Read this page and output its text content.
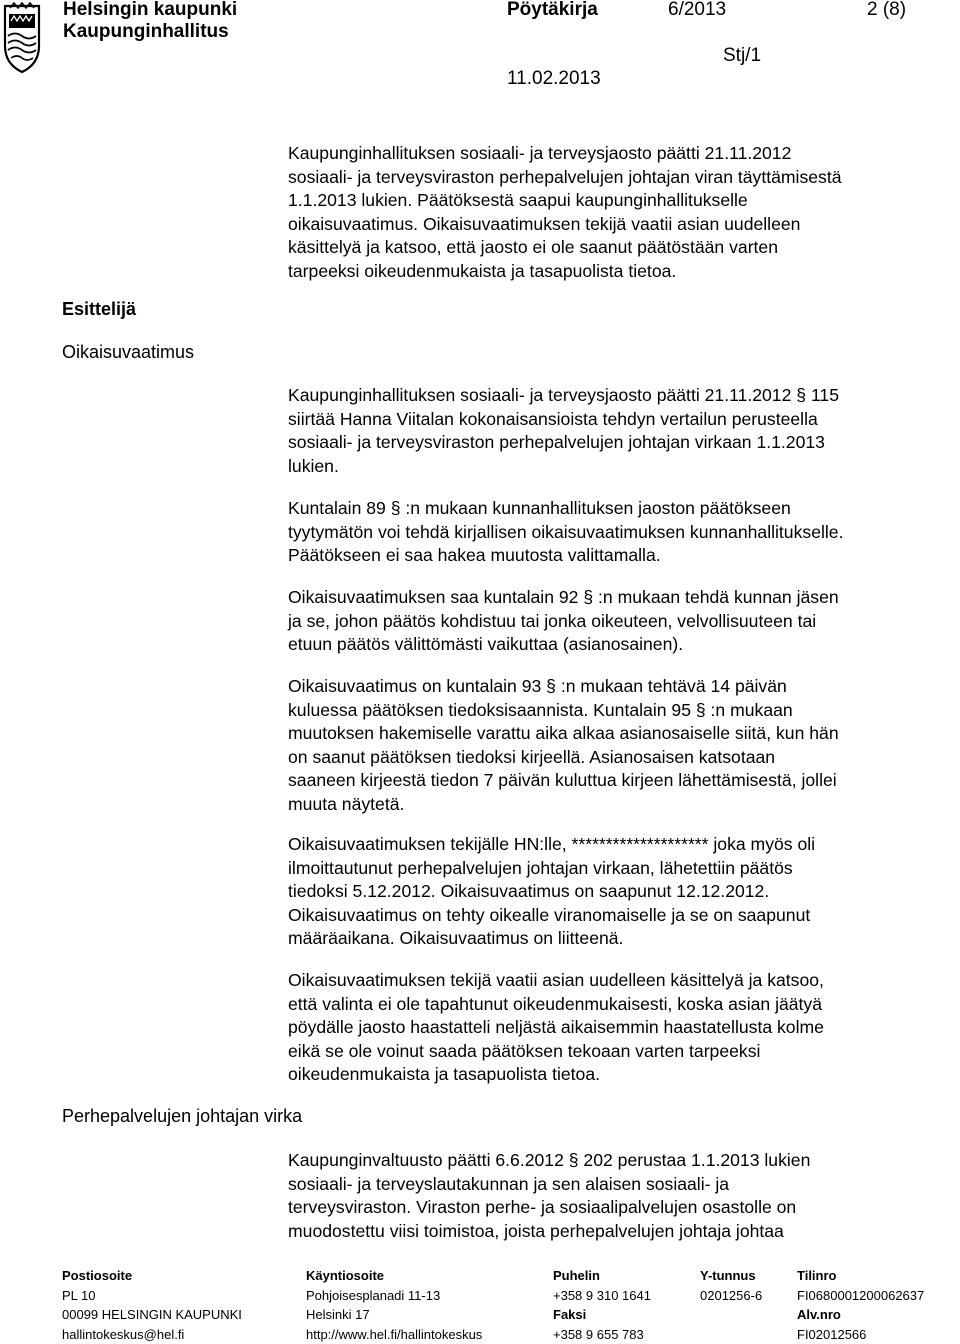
Helsingin kaupunki
Kaupunginhallitus
Pöytäkirja	6/2013	2 (8)
Stj/1
11.02.2013

Kaupunginhallituksen sosiaali- ja terveysjaosto päätti 21.11.2012

sosiaali- ja terveysviraston perhepalvelujen johtajan viran täyttämisestä

1.1.2013 lukien. Päätöksestä saapui kaupunginhallitukselle

oikaisuvaatimus. Oikaisuvaatimuksen tekijä vaatii asian uudelleen

käsittelyä ja katsoo, että jaosto ei ole saanut päätöstään varten

tarpeeksi oikeudenmukaista ja tasapuolista tietoa.

Esittelijä
Oikaisuvaatimus
Perhepalvelujen johtajan virka

Kaupunginhallituksen sosiaali- ja terveysjaosto päätti 21.11.2012 § 115

siirtää Hanna Viitalan kokonaisansioista tehdyn vertailun perusteella

sosiaali- ja terveysviraston perhepalvelujen johtajan virkaan 1.1.2013

lukien.

Kuntalain 89 § :n mukaan kunnanhallituksen jaoston päätökseen

tyytymätön voi tehdä kirjallisen oikaisuvaatimuksen kunnanhallitukselle.

Päätökseen ei saa hakea muutosta valittamalla.

Oikaisuvaatimuksen saa kuntalain 92 § :n mukaan tehdä kunnan jäsen

ja se, johon päätös kohdistuu tai jonka oikeuteen, velvollisuuteen tai

etuun päätös välittömästi vaikuttaa (asianosainen).

Oikaisuvaatimus on kuntalain 93 § :n mukaan tehtävä 14 päivän

kuluessa päätöksen tiedoksisaannista. Kuntalain 95 § :n mukaan

muutoksen hakemiselle varattu aika alkaa asianosaiselle siitä, kun hän

on saanut päätöksen tiedoksi kirjeellä. Asianosaisen katsotaan

saaneen kirjeestä tiedon 7 päivän kuluttua kirjeen lähettämisestä, jollei

muuta näytetä.

Oikaisuvaatimuksen tekijälle HN:lle, ******************** joka myös oli

ilmoittautunut perhepalvelujen johtajan virkaan, lähetettiin päätös

tiedoksi 5.12.2012. Oikaisuvaatimus on saapunut 12.12.2012.

Oikaisuvaatimus on tehty oikealle viranomaiselle ja se on saapunut

määräaikana. Oikaisuvaatimus on liitteenä.

Oikaisuvaatimuksen tekijä vaatii asian uudelleen käsittelyä ja katsoo,

että valinta ei ole tapahtunut oikeudenmukaisesti, koska asian jäätyä

pöydälle jaosto haastatteli neljästä aikaisemmin haastatellusta kolme

eikä se ole voinut saada päätöksen tekoaan varten tarpeeksi

oikeudenmukaista ja tasapuolista tietoa.

Kaupunginvaltuusto päätti 6.6.2012 § 202 perustaa 1.1.2013 lukien

sosiaali- ja terveyslautakunnan ja sen alaisen sosiaali- ja

terveysviraston. Viraston perhe- ja sosiaalipalvelujen osastolle on

muodostettu viisi toimistoa, joista perhepalvelujen johtaja johtaa

Postiosoite
PL 10
00099 HELSINGIN KAUPUNKI
hallintokeskus@hel.fi
Käyntiosoite
Pohjoisesplanadi 11-13
Helsinki 17
http://www.hel.fi/hallintokeskus
Puhelin
+358 9 310 1641
Faksi
+358 9 655 783
Y-tunnus
0201256-6
Tilinro
FI0680001200062637
Alv.nro
FI02012566
